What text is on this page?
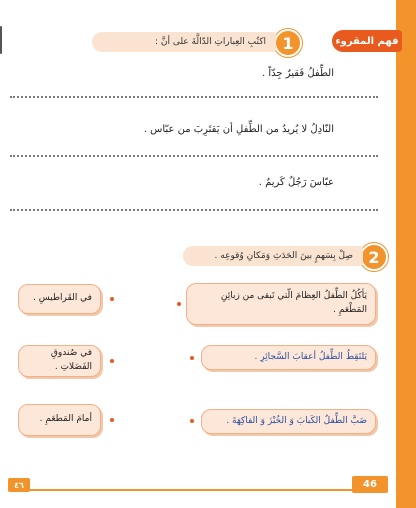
فهم المقروء
1
اكتُبِ العِباراتِ الدّالَّةَ على أنَّ :
الطِّفلُ فَقيرٌ جِدّاً .
النّادِلُ لا يُريدُ من الطِّفلِ أن يَقتَرِبَ من عبّاس .
عبّاسَ رَجُلٌ كَريمٌ .
2
صِلْ بِسَهمٍ بينَ الحَدَثِ وَمَكانِ وُقوعِه .
يَأكُلُ الطِّفلُ العِظامَ الّتي تَبقى من زبائِنِ المَطْعَمِ .
يَلتَقِطُ الطِّفلُ أعقابَ السَّجائِرِ .
ضَبَّ الطِّفلُ الكَبابَ وَ الخُبْزَ وَ الفاكِهَةَ .
في القَراطيسِ .
في صُندوقِ الفَضَلاتِ .
أمامَ المَطعَمِ .
46
٤٦
